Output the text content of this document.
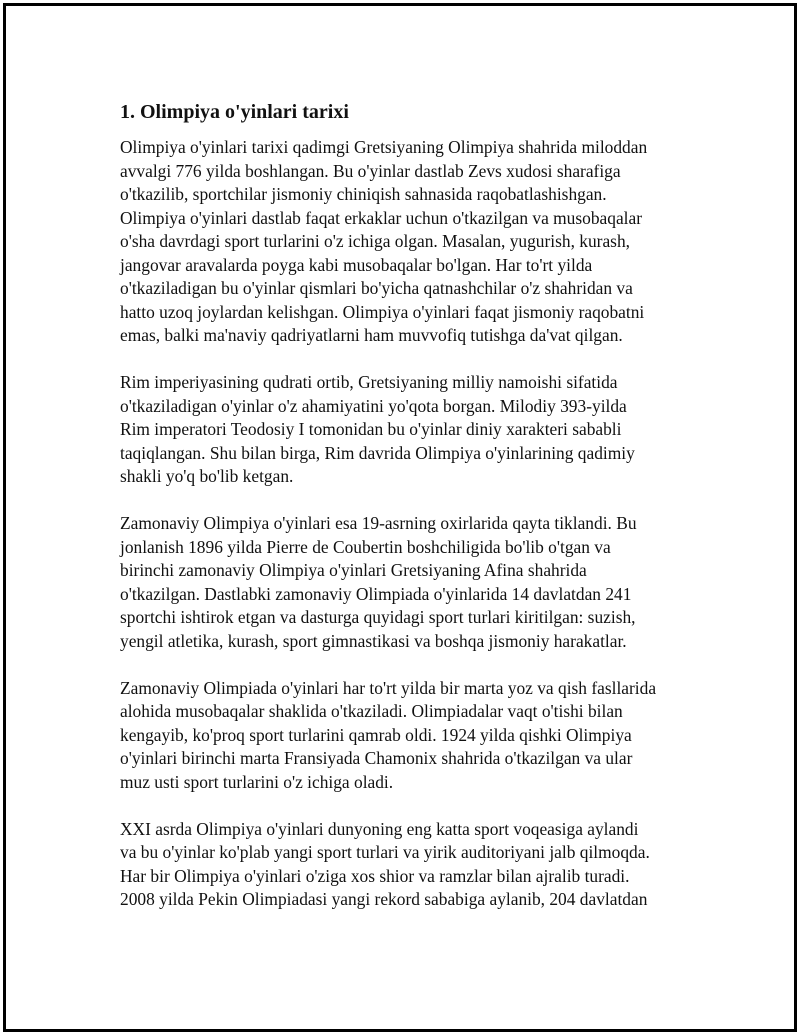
1. Olimpiya o'yinlari tarixi

Olimpiya o'yinlari tarixi qadimgi Gretsiyaning Olimpiya shahrida miloddan
avvalgi 776 yilda boshlangan. Bu o'yinlar dastlab Zevs xudosi sharafiga
o'tkazilib, sportchilar jismoniy chiniqish sahnasida raqobatlashishgan.
Olimpiya o'yinlari dastlab faqat erkaklar uchun o'tkazilgan va musobaqalar
o'sha davrdagi sport turlarini o'z ichiga olgan. Masalan, yugurish, kurash,
jangovar aravalarda poyga kabi musobaqalar bo'lgan. Har to'rt yilda
o'tkaziladigan bu o'yinlar qismlari bo'yicha qatnashchilar o'z shahridan va
hatto uzoq joylardan kelishgan. Olimpiya o'yinlari faqat jismoniy raqobatni
emas, balki ma'naviy qadriyatlarni ham muvvofiq tutishga da'vat qilgan.

Rim imperiyasining qudrati ortib, Gretsiyaning milliy namoishi sifatida
o'tkaziladigan o'yinlar o'z ahamiyatini yo'qota borgan. Milodiy 393-yilda
Rim imperatori Teodosiy I tomonidan bu o'yinlar diniy xarakteri sababli
taqiqlangan. Shu bilan birga, Rim davrida Olimpiya o'yinlarining qadimiy
shakli yo'q bo'lib ketgan.

Zamonaviy Olimpiya o'yinlari esa 19-asrning oxirlarida qayta tiklandi. Bu
jonlanish 1896 yilda Pierre de Coubertin boshchiligida bo'lib o'tgan va
birinchi zamonaviy Olimpiya o'yinlari Gretsiyaning Afina shahrida
o'tkazilgan. Dastlabki zamonaviy Olimpiada o'yinlarida 14 davlatdan 241
sportchi ishtirok etgan va dasturga quyidagi sport turlari kiritilgan: suzish,
yengil atletika, kurash, sport gimnastikasi va boshqa jismoniy harakatlar.

Zamonaviy Olimpiada o'yinlari har to'rt yilda bir marta yoz va qish fasllarida
alohida musobaqalar shaklida o'tkaziladi. Olimpiadalar vaqt o'tishi bilan
kengayib, ko'proq sport turlarini qamrab oldi. 1924 yilda qishki Olimpiya
o'yinlari birinchi marta Fransiyada Chamonix shahrida o'tkazilgan va ular
muz usti sport turlarini o'z ichiga oladi.

XXI asrda Olimpiya o'yinlari dunyoning eng katta sport voqeasiga aylandi
va bu o'yinlar ko'plab yangi sport turlari va yirik auditoriyani jalb qilmoqda.
Har bir Olimpiya o'yinlari o'ziga xos shior va ramzlar bilan ajralib turadi.
2008 yilda Pekin Olimpiadasi yangi rekord sababiga aylanib, 204 davlatdan
